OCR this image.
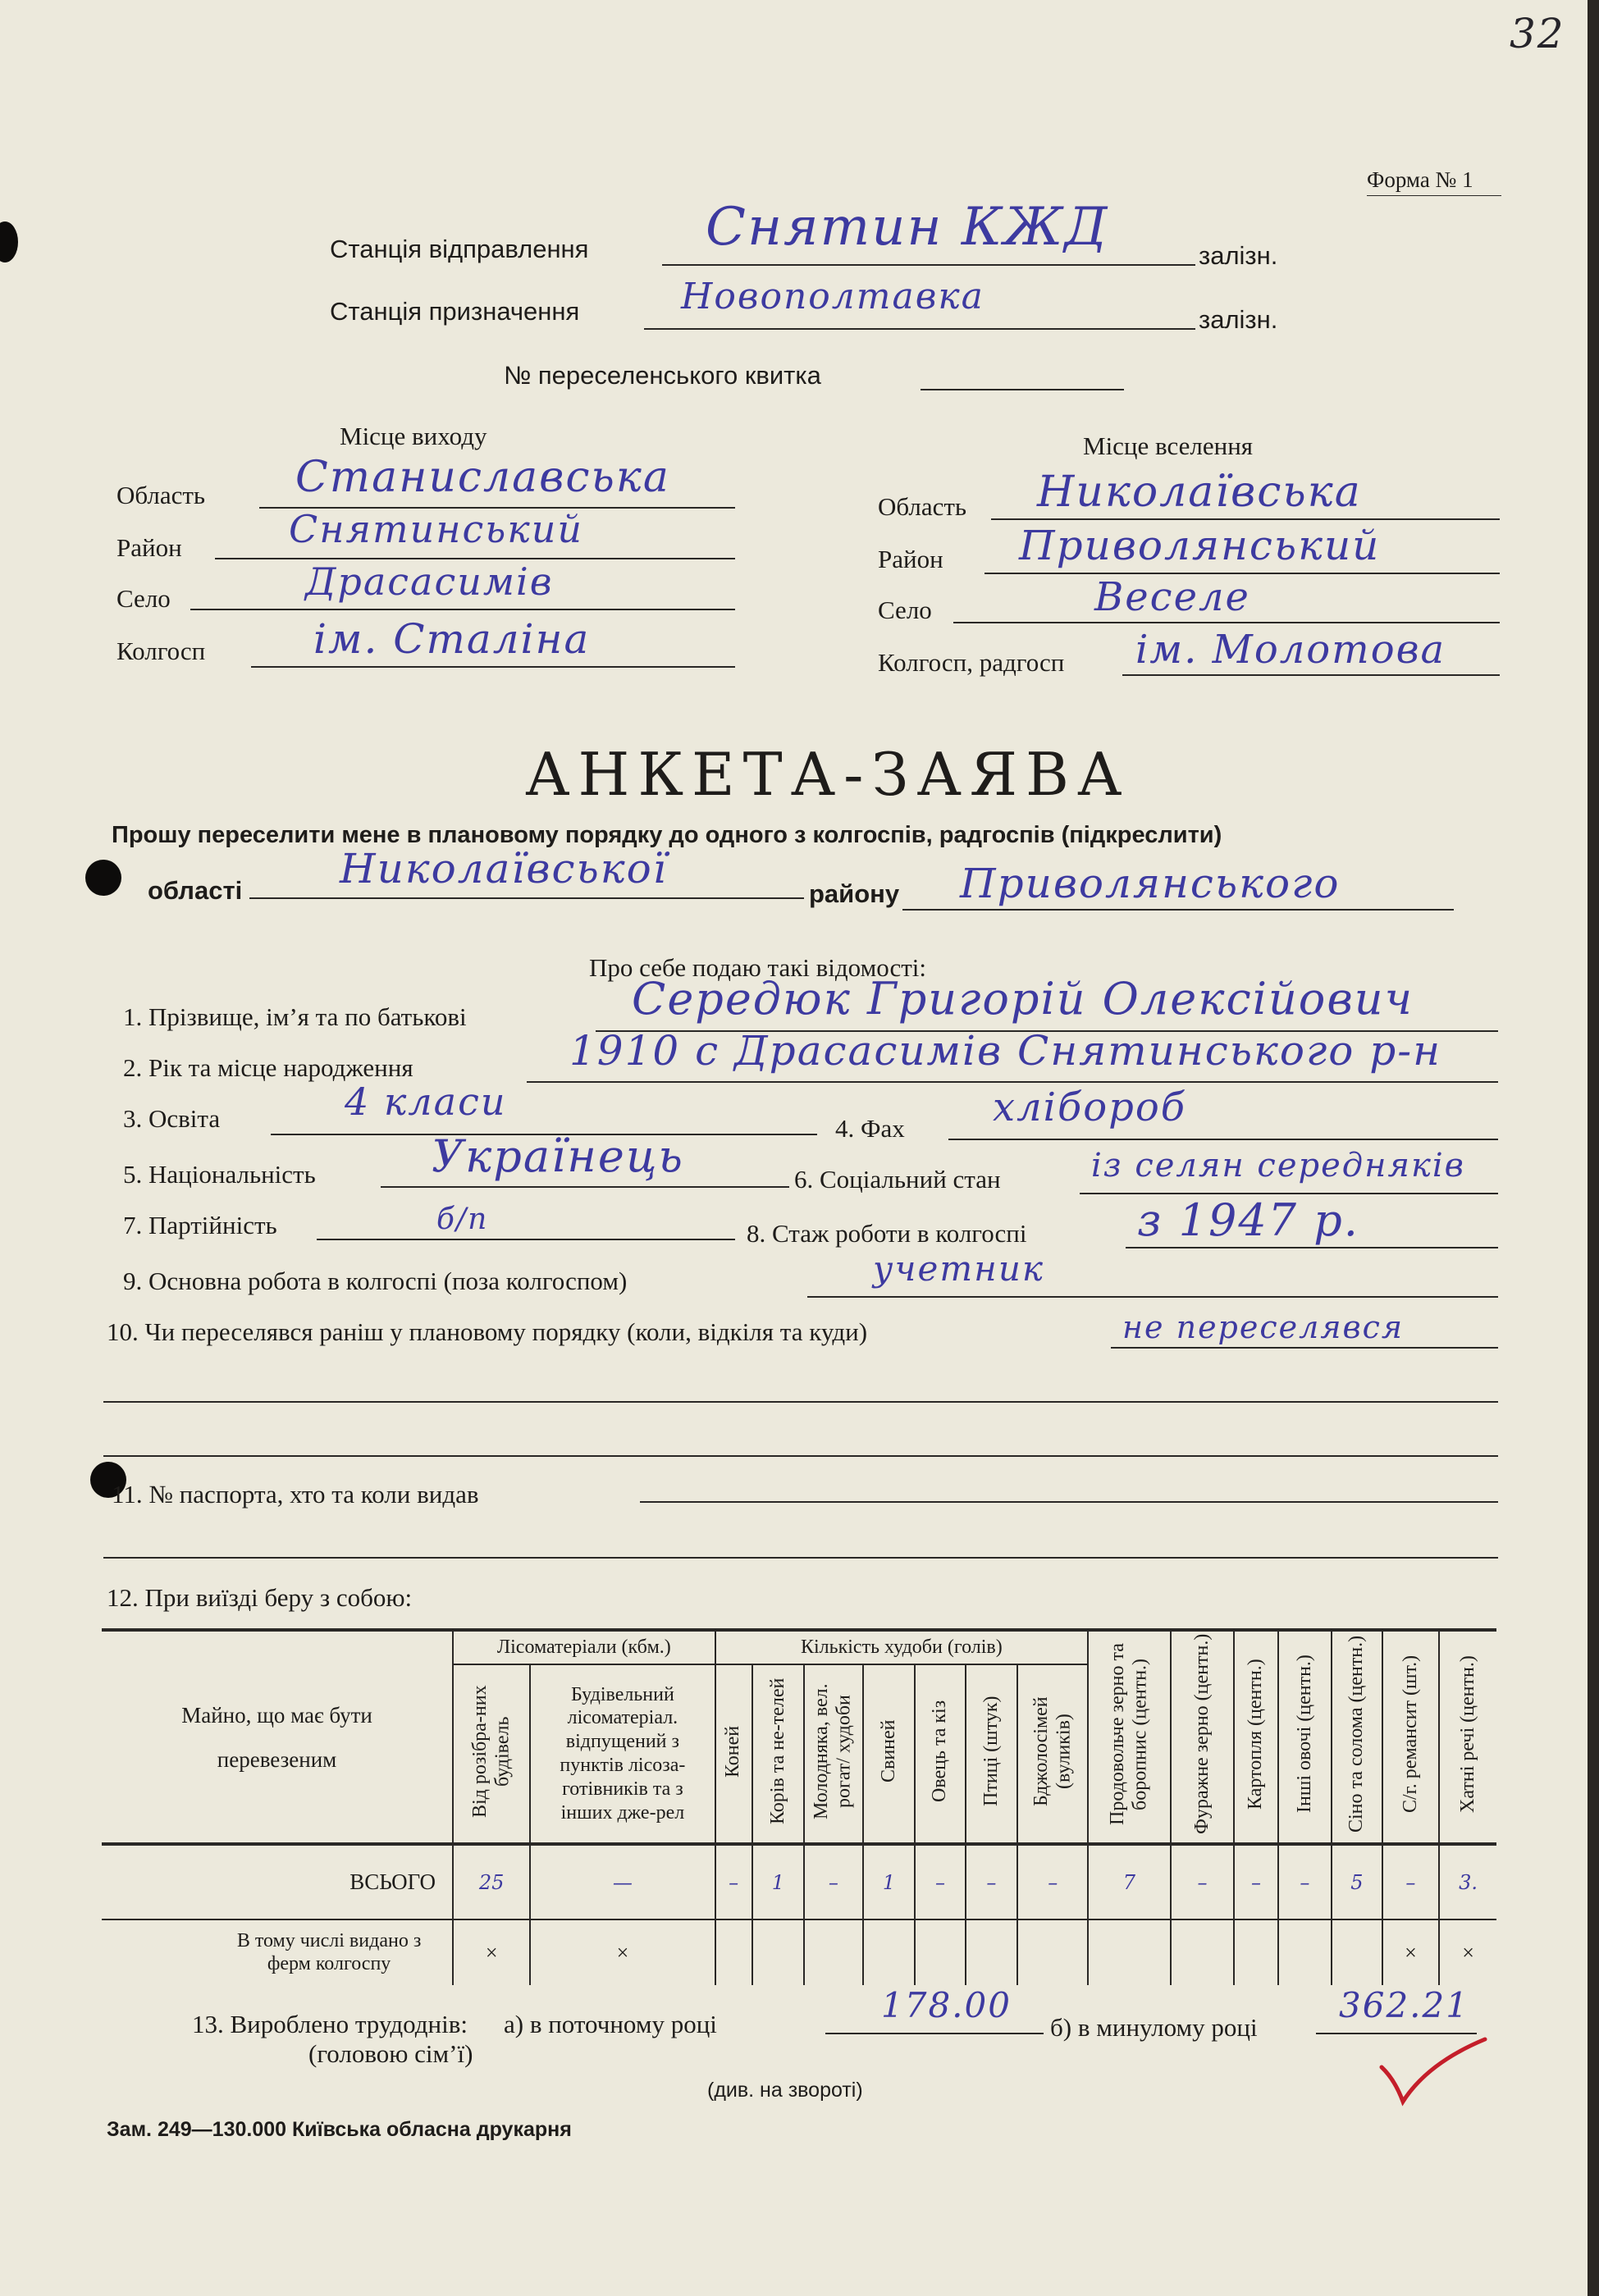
32
Форма № 1
Станція відправлення Снятин КЖД	залізн.
Станція призначення	Новополтавка
залізн.
№ переселенського квитка
Місце виходу
Область Станиславська
Район	Снятинський
Село	Драсасимів
Колгосп	ім. Сталіна
Місце вселення
Область Николаївська
Район Приволянський
Село	Веселе
Колгосп, радгосп ім. Молотова
АНКЕТА-ЗАЯВА
Прошу переселити мене в плановому порядку до одного з колгоспів, радгоспів (підкреслити)
області Николаївської
району Приволянського
Про себе подаю такі відомості:
1. Прізвище, ім’я та по батькові	Середюк Григорій Олексійович
2. Рік та місце народження	1910 с Драсасимів Снятинського р-н
3. Освіта	4 класи
4. Фах хлібороб
5. Національність	Українець	6. Соціальний стан	із селян середняків
7. Партійність	б/п	8. Стаж роботи в колгоспі з 1947 р.
9. Основна робота в колгоспі (поза колгоспом)	учетник
10. Чи переселявся раніш у плановому порядку (коли, відкіля та куди)	не переселявся
11. № паспорта, хто та коли видав
12. При виїзді беру з собою:
Майно, що має бути перевезеним	Лісоматеріали (кбм.)		Кількість худоби (голів)							Продовольче зерно та боропнис (центн.)	Фуражне зерно (центн.)	Картопля (центн.)	Інші овочі (центн.)	Сіно та солома (центн.)	С/г. ремансит (шт.)	Хатні речі (центн.)
	Від розібра-них будівель	Будівельний лісоматеріал. відпущений з пунктів лісоза-готівників та з інших дже-рел	Коней	Корів та не-телей	Молодняка, вел. рогат/ худоби	Свиней	Овець та кіз	Птиці (штук)	Бджолосімей (вуликів)							
ВСЬОГО	25	—	–	1	–	1	–	–	–	7	–	–	–	5	–	3.
В тому числі видано з ферм колгоспу	×	×													×	×
13. Вироблено трудоднів: а) в поточному році	178.00
б) в минулому році
362.21
(головою сім’ї)
(див. на звороті)
Зам. 249—130.000 Київська обласна друкарня
